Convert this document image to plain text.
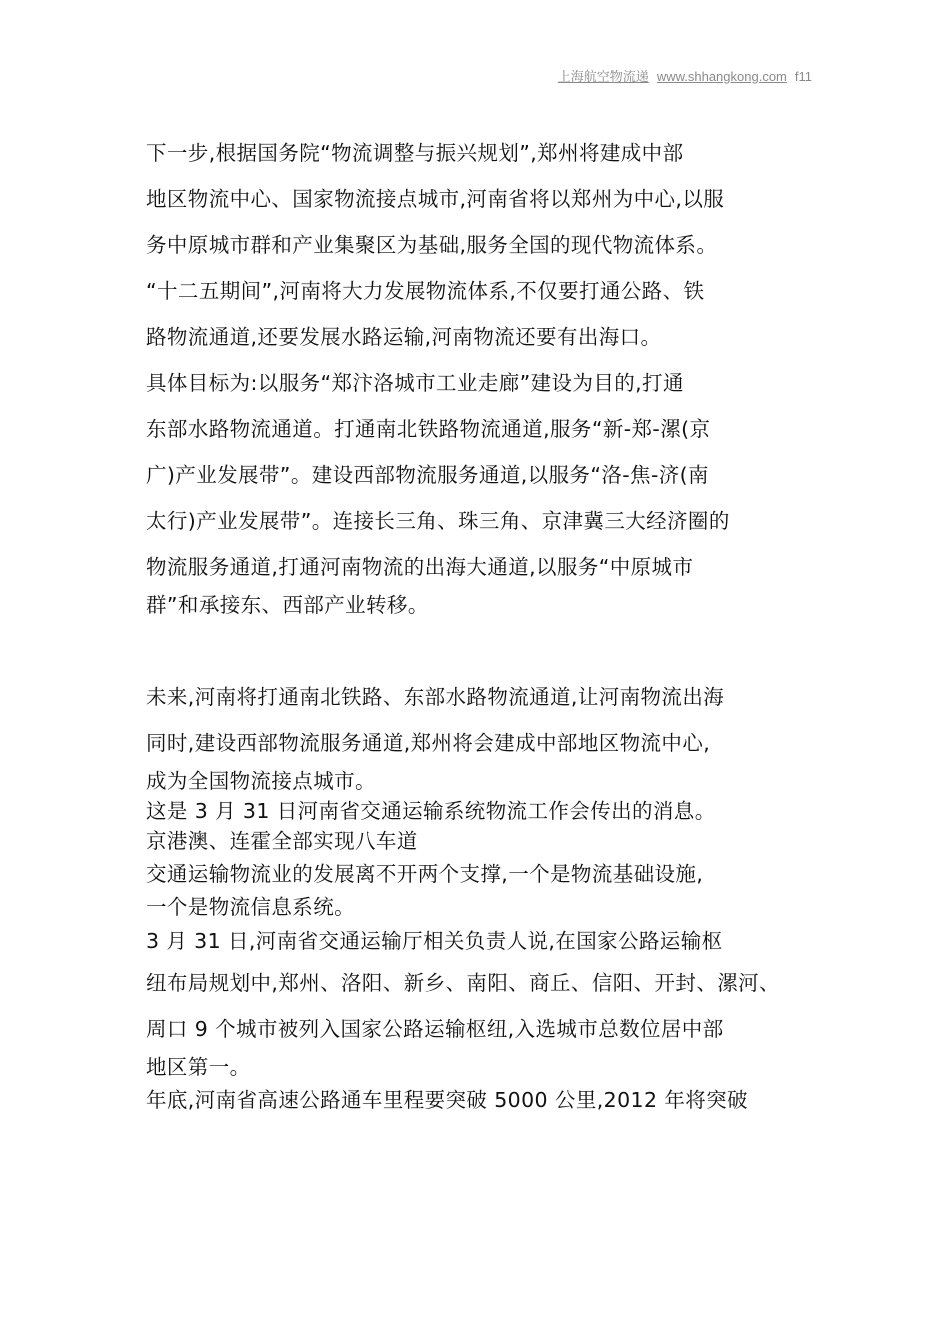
上海航空物流递 www.shhangkong.com f11

下一步,根据国务院“物流调整与振兴规划”,郑州将建成中部

地区物流中心、国家物流接点城市,河南省将以郑州为中心,以服

务中原城市群和产业集聚区为基础,服务全国的现代物流体系。

“十二五期间”,河南将大力发展物流体系,不仅要打通公路、铁

路物流通道,还要发展水路运输,河南物流还要有出海口。

具体目标为:以服务“郑汴洛城市工业走廊”建设为目的,打通

东部水路物流通道。打通南北铁路物流通道,服务“新-郑-漯(京

广)产业发展带”。建设西部物流服务通道,以服务“洛-焦-济(南

太行)产业发展带”。连接长三角、珠三角、京津冀三大经济圈的

物流服务通道,打通河南物流的出海大通道,以服务“中原城市

群”和承接东、西部产业转移。

未来,河南将打通南北铁路、东部水路物流通道,让河南物流出海

同时,建设西部物流服务通道,郑州将会建成中部地区物流中心,

成为全国物流接点城市。

这是 3 月 31 日河南省交通运输系统物流工作会传出的消息。

京港澳、连霍全部实现八车道

交通运输物流业的发展离不开两个支撑,一个是物流基础设施,

一个是物流信息系统。

3 月 31 日,河南省交通运输厅相关负责人说,在国家公路运输枢

纽布局规划中,郑州、洛阳、新乡、南阳、商丘、信阳、开封、漯河、

周口 9 个城市被列入国家公路运输枢纽,入选城市总数位居中部

地区第一。

年底,河南省高速公路通车里程要突破 5000 公里,2012 年将突破
